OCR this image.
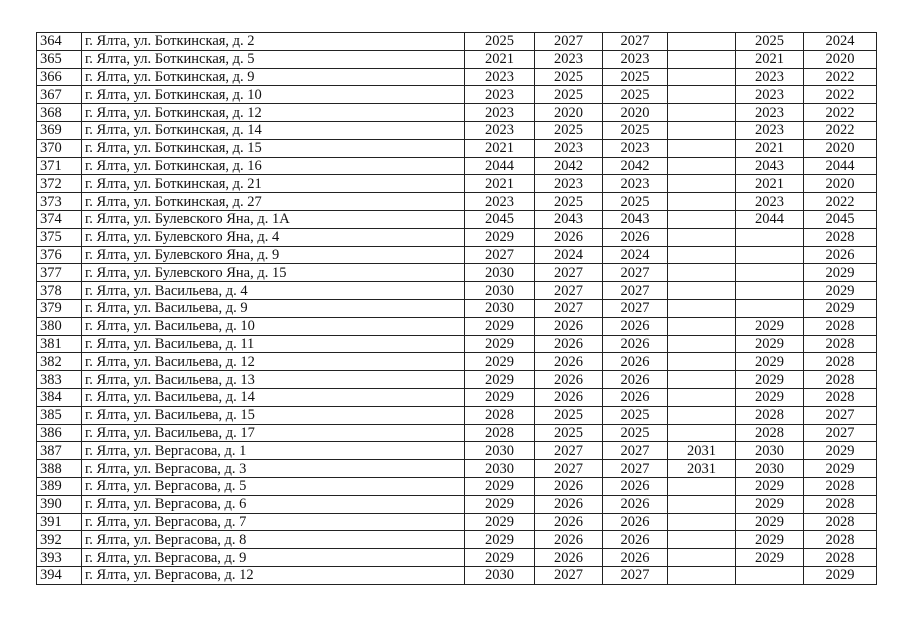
364	г. Ялта, ул. Боткинская, д. 2	2025	2027	2027		2025	2024
365	г. Ялта, ул. Боткинская, д. 5	2021	2023	2023		2021	2020
366	г. Ялта, ул. Боткинская, д. 9	2023	2025	2025		2023	2022
367	г. Ялта, ул. Боткинская, д. 10	2023	2025	2025		2023	2022
368	г. Ялта, ул. Боткинская, д. 12	2023	2020	2020		2023	2022
369	г. Ялта, ул. Боткинская, д. 14	2023	2025	2025		2023	2022
370	г. Ялта, ул. Боткинская, д. 15	2021	2023	2023		2021	2020
371	г. Ялта, ул. Боткинская, д. 16	2044	2042	2042		2043	2044
372	г. Ялта, ул. Боткинская, д. 21	2021	2023	2023		2021	2020
373	г. Ялта, ул. Боткинская, д. 27	2023	2025	2025		2023	2022
374	г. Ялта, ул. Булевского Яна, д. 1А	2045	2043	2043		2044	2045
375	г. Ялта, ул. Булевского Яна, д. 4	2029	2026	2026			2028
376	г. Ялта, ул. Булевского Яна, д. 9	2027	2024	2024			2026
377	г. Ялта, ул. Булевского Яна, д. 15	2030	2027	2027			2029
378	г. Ялта, ул. Васильева, д. 4	2030	2027	2027			2029
379	г. Ялта, ул. Васильева, д. 9	2030	2027	2027			2029
380	г. Ялта, ул. Васильева, д. 10	2029	2026	2026		2029	2028
381	г. Ялта, ул. Васильева, д. 11	2029	2026	2026		2029	2028
382	г. Ялта, ул. Васильева, д. 12	2029	2026	2026		2029	2028
383	г. Ялта, ул. Васильева, д. 13	2029	2026	2026		2029	2028
384	г. Ялта, ул. Васильева, д. 14	2029	2026	2026		2029	2028
385	г. Ялта, ул. Васильева, д. 15	2028	2025	2025		2028	2027
386	г. Ялта, ул. Васильева, д. 17	2028	2025	2025		2028	2027
387	г. Ялта, ул. Вергасова, д. 1	2030	2027	2027	2031	2030	2029
388	г. Ялта, ул. Вергасова, д. 3	2030	2027	2027	2031	2030	2029
389	г. Ялта, ул. Вергасова, д. 5	2029	2026	2026		2029	2028
390	г. Ялта, ул. Вергасова, д. 6	2029	2026	2026		2029	2028
391	г. Ялта, ул. Вергасова, д. 7	2029	2026	2026		2029	2028
392	г. Ялта, ул. Вергасова, д. 8	2029	2026	2026		2029	2028
393	г. Ялта, ул. Вергасова, д. 9	2029	2026	2026		2029	2028
394	г. Ялта, ул. Вергасова, д. 12	2030	2027	2027			2029
